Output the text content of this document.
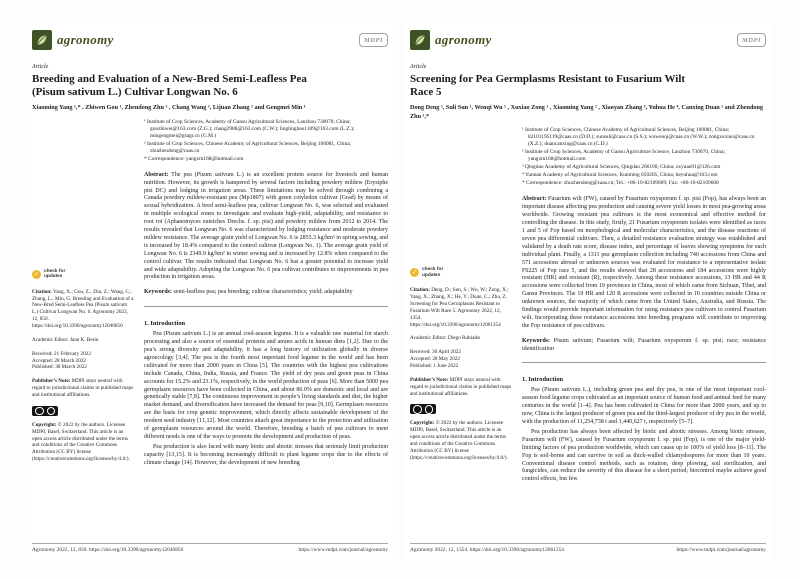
agronomy	MDPI
Article
Breeding and Evaluation of a New-Bred Semi-Leafless Pea
(Pisum sativum L.) Cultivar Longwan No. 6
Xiaoming Yang ¹,* , Zhiwen Gou ¹, Zhendong Zhu ² , Chang Wang ¹, Lijuan Zhang ¹ and Gengmei Min ¹
✓ check for
updates
Citation: Yang, X.; Gou, Z.; Zhu, Z.; Wang, C.; Zhang, L.; Min, G. Breeding and Evaluation of a New-Bred Semi-Leafless Pea (Pisum sativum L.) Cultivar Longwan No. 6. Agronomy 2022, 12, 850. https://doi.org/10.3390/agronomy12040850
Academic Editor: Jane K. Berin
Received: 21 February 2022
Accepted: 28 March 2022
Published: 30 March 2022
Publisher’s Note: MDPI stays neutral with regard to jurisdictional claims in published maps and institutional affiliations.
Copyright: © 2022 by the authors. Licensee MDPI, Basel, Switzerland. This article is an open access article distributed under the terms and conditions of the Creative Commons Attribution (CC BY) license (https://creativecommons.org/licenses/by/4.0/).
¹ Institute of Crop Sciences, Academy of Gansu Agricultural Sciences, Lanzhou 730070, China; gouzhiwei@163.com (Z.G.); chang2988@163.com (C.W.); linglinghao1109@163.com (L.Z.); mingengmei@gsagr.cn (G.M.)
² Institute of Crop Sciences, Chinese Academy of Agricultural Sciences, Beijing 100081, China; zhuzhendong@caas.cn
* Correspondence: yangxm168@hotmail.com
Abstract: The pea (Pisum sativum L.) is an excellent protein source for livestock and human nutrition. However, its growth is hampered by several factors including powdery mildew (Erysiphe pisi DC) and lodging in irrigation areas. These limitations may be solved through combining a Canada powdery mildew-resistant pea (Mp1807) with green cotyledon cultivar (Grad) by means of sexual hybridization. A bred semi-leafless pea, cultivar Longwan No. 6, was selected and evaluated in multiple ecological zones to investigate and evaluate high-yield, adaptability, and resistance to root rot (Aphanomyces euteiches Drechs. f. sp. pisi) and powdery mildew from 2012 to 2014. The results revealed that Longwan No. 6 was characterized by lodging resistance and moderate powdery mildew resistance. The average grain yield of Longwan No. 6 is 2855.3 kg/hm² in spring sowing, and is increased by 18.4% compared to the control cultivar (Longwan No. 1). The average grain yield of Longwan No. 6 is 2349.9 kg/hm² in winter sowing and is increased by 12.8% when compared to the control cultivar. The results indicated that Longwan No. 6 has a greater potential to increase yield and wide adaptability. Adopting the Longwan No. 6 pea cultivar contributes to improvements in pea production in irrigation areas.
Keywords: semi-leafless pea; pea breeding; cultivar characteristics; yield; adaptability
1. Introduction

Pea (Pisum sativum L.) is an annual cool-season legume. It is a valuable raw material for starch processing and also a source of essential proteins and amino acids in human diets [1,2]. Due to the pea’s strong diversity and adaptability, it has a long history of utilization globally in diverse agroecology [3,4]. The pea is the fourth most important food legume in the world and has been cultivated for more than 2000 years in China [5]. The countries with the highest pea cultivations include Canada, China, India, Russia, and France. The yield of dry peas and green peas in China accounts for 15.2% and 23.1%, respectively, in the world production of peas [6]. More than 5000 pea germplasm resources have been collected in China, and about 80.0% are domestic and local and are genetically stable [7,8]. The continuous improvement in people’s living standards and diet, the higher market demand, and diversification have increased the demand for peas [9,10]. Germplasm resources are the basis for crop genetic improvement, which directly affects sustainable development of the modern seed industry [11,12]. Most countries attach great importance to the protection and utilization of germplasm resources around the world. Therefore, breeding a batch of pea cultivars to meet different needs is one of the ways to promote the development and production of peas.

Pea production is also faced with many biotic and abiotic stresses that seriously limit production capacity [13,15]. It is becoming increasingly difficult to plant legume crops due to the effects of climate change [14]. However, the development of new breeding

Agronomy 2022, 12, 850. https://doi.org/10.3390/agronomy12040850	https://www.mdpi.com/journal/agronomy
agronomy	MDPI
Article
Screening for Pea Germplasms Resistant to Fusarium Wilt
Race 5
Dong Deng ¹, Suli Sun ¹, Wenqi Wu ¹ , Xuxiao Zong ¹ , Xiaoming Yang ² , Xiaoyan Zhang ³, Yuhua He ⁴, Canxing Duan ¹ and Zhendong Zhu ¹,*
✓ check for
updates
Citation: Deng, D.; Sun, S.; Wu, W.; Zong, X.; Yang, X.; Zhang, X.; He, Y.; Duan, C.; Zhu, Z. Screening for Pea Germplasms Resistant to Fusarium Wilt Race 5. Agronomy 2022, 12, 1354. https://doi.org/10.3390/agronomy12061354
Academic Editor: Diego Rubiales
Received: 30 April 2022
Accepted: 28 May 2022
Published: 1 June 2022
Publisher’s Note: MDPI stays neutral with regard to jurisdictional claims in published maps and institutional affiliations.
Copyright: © 2022 by the authors. Licensee MDPI, Basel, Switzerland. This article is an open access article distributed under the terms and conditions of the Creative Commons Attribution (CC BY) license (https://creativecommons.org/licenses/by/4.0/).
¹ Institute of Crop Sciences, Chinese Academy of Agricultural Sciences, Beijing 100081, China; 82101195119@caas.cn (D.D.); sunsuli@caas.cn (S.S.); wuwenqi@caas.cn (W.W.); zongxuxiao@caas.cn (X.Z.); duancanxing@caas.cn (C.D.)
² Institute of Crop Sciences, Academy of Gansu Agriculture Science, Lanzhou 730070, China; yangxm168@hotmail.com
³ Qingdao Academy of Agricultural Sciences, Qingdao 266100, China; zxyuan91@126.com
⁴ Yunnan Academy of Agricultural Sciences, Kunming 650205, China; heyuhua@163.com
* Correspondence: zhuzhendong@caas.cn; Tel.: +86-10-82109609; Fax: +86-10-82109608
Abstract: Fusarium wilt (FW), caused by Fusarium oxysporum f. sp. pisi (Fop), has always been an important disease affecting pea production and causing severe yield losses in most pea-growing areas worldwide. Growing resistant pea cultivars is the most economical and effective method for controlling the disease. In this study, firstly, 21 Fusarium oxysporum isolates were identified as races 1 and 5 of Fop based on morphological and molecular characteristics, and the disease reactions of seven pea differential cultivars. Then, a detailed resistance evaluation strategy was established and validated by a death rate score, disease index, and percentage of leaves showing symptoms for each individual plant. Finally, a 1311 pea germplasm collection including 740 accessions from China and 571 accessions abroad or unknown sources was evaluated for resistance to a representative isolate F0225 of Fop race 5, and the results showed that 28 accessions and 184 accessions were highly resistant (HR) and resistant (R), respectively. Among these resistance accessions, 13 HR and 44 R accessions were collected from 19 provinces in China, most of which came from Sichuan, Tibet, and Gansu Provinces. The 19 HR and 120 R accessions were collected in 10 countries outside China or unknown sources, the majority of which came from the United States, Australia, and Russia. The findings would provide important information for using resistance pea cultivars to control Fusarium wilt. Incorporating these resistance accessions into breeding programs will contribute to improving the Fop resistance of pea cultivars.
Keywords: Pisum sativum; Fusarium wilt; Fusarium oxysporum f. sp. pisi; race; resistance identification
1. Introduction

Pea (Pisum sativum L.), including green pea and dry pea, is one of the most important cool-season food legume crops cultivated as an important source of human food and animal feed for many centuries in the world [1–4]. Pea has been cultivated in China for more than 2000 years, and up to now, China is the largest producer of green pea and the third-largest producer of dry pea in the world, with the production of 11,254,738 t and 1,440,627 t, respectively [5–7].

Pea production has always been affected by biotic and abiotic stresses. Among biotic stresses, Fusarium wilt (FW), caused by Fusarium oxysporum f. sp. pisi (Fop), is one of the major yield-limiting factors of pea production worldwide, which can cause up to 100% of yield loss [8–11]. The Fop is soil-borne and can survive in soil as thick-walled chlamydospores for more than 10 years. Conventional disease control methods, such as rotation, deep plowing, soil sterilization, and fungicides, can reduce the severity of this disease for a short period; biocontrol maybe achieve good control effects, but few

Agronomy 2022, 12, 1354. https://doi.org/10.3390/agronomy12061354	https://www.mdpi.com/journal/agronomy
